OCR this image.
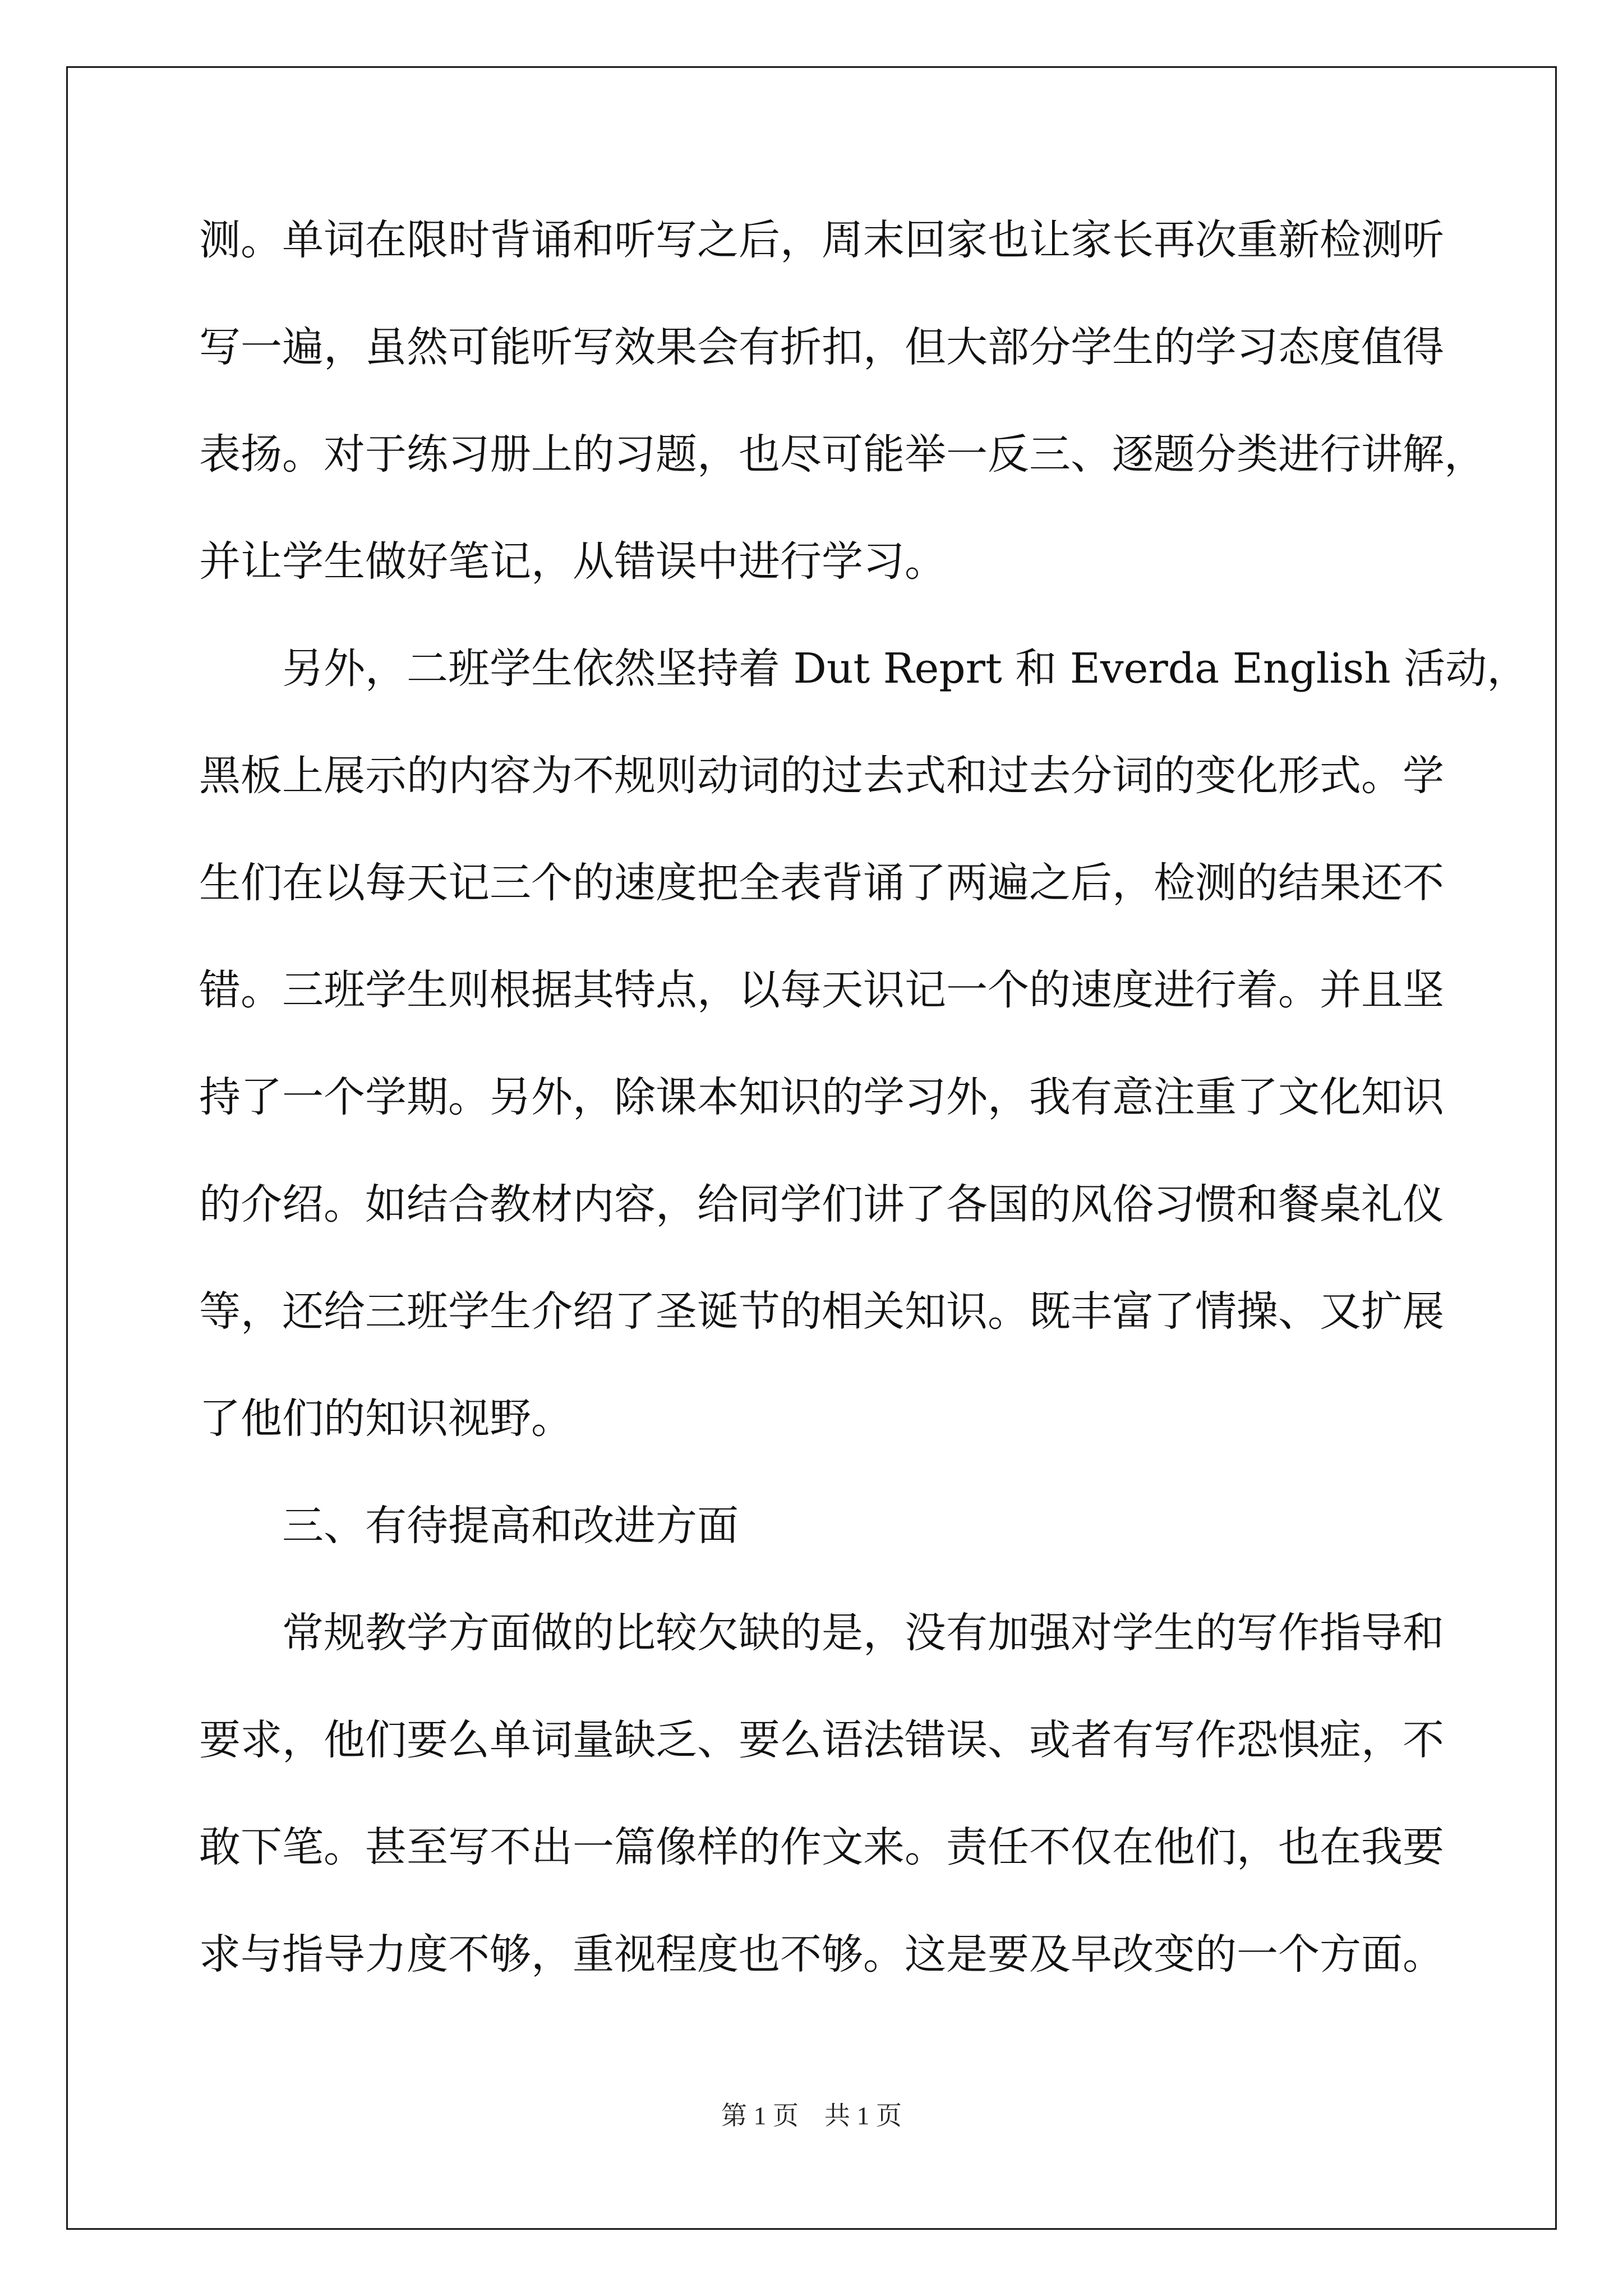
测。单词在限时背诵和听写之后，周末回家也让家长再次重新检测听
写一遍，虽然可能听写效果会有折扣，但大部分学生的学习态度值得
表扬。对于练习册上的习题，也尽可能举一反三、逐题分类进行讲解，
并让学生做好笔记，从错误中进行学习。
另外，二班学生依然坚持着 Dut Reprt 和 Everda English 活动，
黑板上展示的内容为不规则动词的过去式和过去分词的变化形式。学
生们在以每天记三个的速度把全表背诵了两遍之后，检测的结果还不
错。三班学生则根据其特点，以每天识记一个的速度进行着。并且坚
持了一个学期。另外，除课本知识的学习外，我有意注重了文化知识
的介绍。如结合教材内容，给同学们讲了各国的风俗习惯和餐桌礼仪
等，还给三班学生介绍了圣诞节的相关知识。既丰富了情操、又扩展
了他们的知识视野。
三、有待提高和改进方面
常规教学方面做的比较欠缺的是，没有加强对学生的写作指导和
要求，他们要么单词量缺乏、要么语法错误、或者有写作恐惧症，不
敢下笔。甚至写不出一篇像样的作文来。责任不仅在他们，也在我要
求与指导力度不够，重视程度也不够。这是要及早改变的一个方面。
第 1 页　共 1 页
